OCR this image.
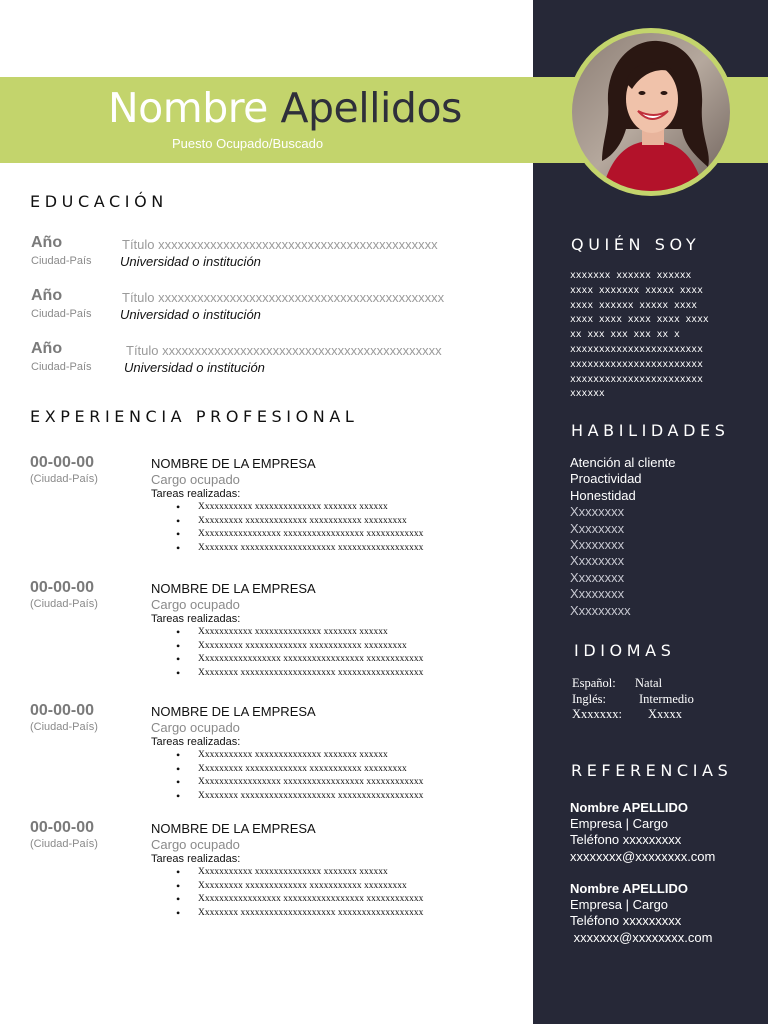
Nombre Apellidos
Puesto Ocupado/Buscado
EDUCACIÓN
Año
Ciudad-País
Título xxxxxxxxxxxxxxxxxxxxxxxxxxxxxxxxxxxxxxxxxxx
Universidad o institución
Año
Ciudad-País
Título xxxxxxxxxxxxxxxxxxxxxxxxxxxxxxxxxxxxxxxxxxxx
Universidad o institución
Año
Ciudad-País
Título xxxxxxxxxxxxxxxxxxxxxxxxxxxxxxxxxxxxxxxxxxx
Universidad o institución
EXPERIENCIA PROFESIONAL
00-00-00
(Ciudad-País)
NOMBRE DE LA EMPRESA
Cargo ocupado
Tareas realizadas:
• Xxxxxxxxxxx xxxxxxxxxxxxxx xxxxxxx xxxxxx
• Xxxxxxxxx xxxxxxxxxxxxx xxxxxxxxxxx xxxxxxxxx
• Xxxxxxxxxxxxxxxxx xxxxxxxxxxxxxxxxx xxxxxxxxxxxx
• Xxxxxxxx xxxxxxxxxxxxxxxxxxxx xxxxxxxxxxxxxxxxxx
00-00-00
(Ciudad-País)
NOMBRE DE LA EMPRESA
Cargo ocupado
Tareas realizadas:
• Xxxxxxxxxxx xxxxxxxxxxxxxx xxxxxxx xxxxxx
• Xxxxxxxxx xxxxxxxxxxxxx xxxxxxxxxxx xxxxxxxxx
• Xxxxxxxxxxxxxxxxx xxxxxxxxxxxxxxxxx xxxxxxxxxxxx
• Xxxxxxxx xxxxxxxxxxxxxxxxxxxx xxxxxxxxxxxxxxxxxx
00-00-00
(Ciudad-País)
NOMBRE DE LA EMPRESA
Cargo ocupado
Tareas realizadas:
• Xxxxxxxxxxx xxxxxxxxxxxxxx xxxxxxx xxxxxx
• Xxxxxxxxx xxxxxxxxxxxxx xxxxxxxxxxx xxxxxxxxx
• Xxxxxxxxxxxxxxxxx xxxxxxxxxxxxxxxxx xxxxxxxxxxxx
• Xxxxxxxx xxxxxxxxxxxxxxxxxxxx xxxxxxxxxxxxxxxxxx
00-00-00
(Ciudad-País)
NOMBRE DE LA EMPRESA
Cargo ocupado
Tareas realizadas:
• Xxxxxxxxxxx xxxxxxxxxxxxxx xxxxxxx xxxxxx
• Xxxxxxxxx xxxxxxxxxxxxx xxxxxxxxxxx xxxxxxxxx
• Xxxxxxxxxxxxxxxxx xxxxxxxxxxxxxxxxx xxxxxxxxxxxx
• Xxxxxxxx xxxxxxxxxxxxxxxxxxxx xxxxxxxxxxxxxxxxxx
QUIÉN SOY
xxxxxxx xxxxxx xxxxxx
xxxx xxxxxxx xxxxx xxxx
xxxx xxxxxx xxxxx xxxx
xxxx xxxx xxxx xxxx xxxx
xx xxx xxx xxx xx x
xxxxxxxxxxxxxxxxxxxxxxx
xxxxxxxxxxxxxxxxxxxxxxx
xxxxxxxxxxxxxxxxxxxxxxx
xxxxxx
HABILIDADES
Atención al cliente
Proactividad
Honestidad
Xxxxxxxx
Xxxxxxxx
Xxxxxxxx
Xxxxxxxx
Xxxxxxxx
Xxxxxxxx
Xxxxxxxxx
IDIOMAS
Español: Natal
Inglés:	Intermedio
Xxxxxxx: Xxxxx
REFERENCIAS
Nombre APELLIDO
Empresa | Cargo
Teléfono xxxxxxxxx
xxxxxxxx@xxxxxxxx.com
Nombre APELLIDO
Empresa | Cargo
Teléfono xxxxxxxxx
xxxxxxx@xxxxxxxx.com
